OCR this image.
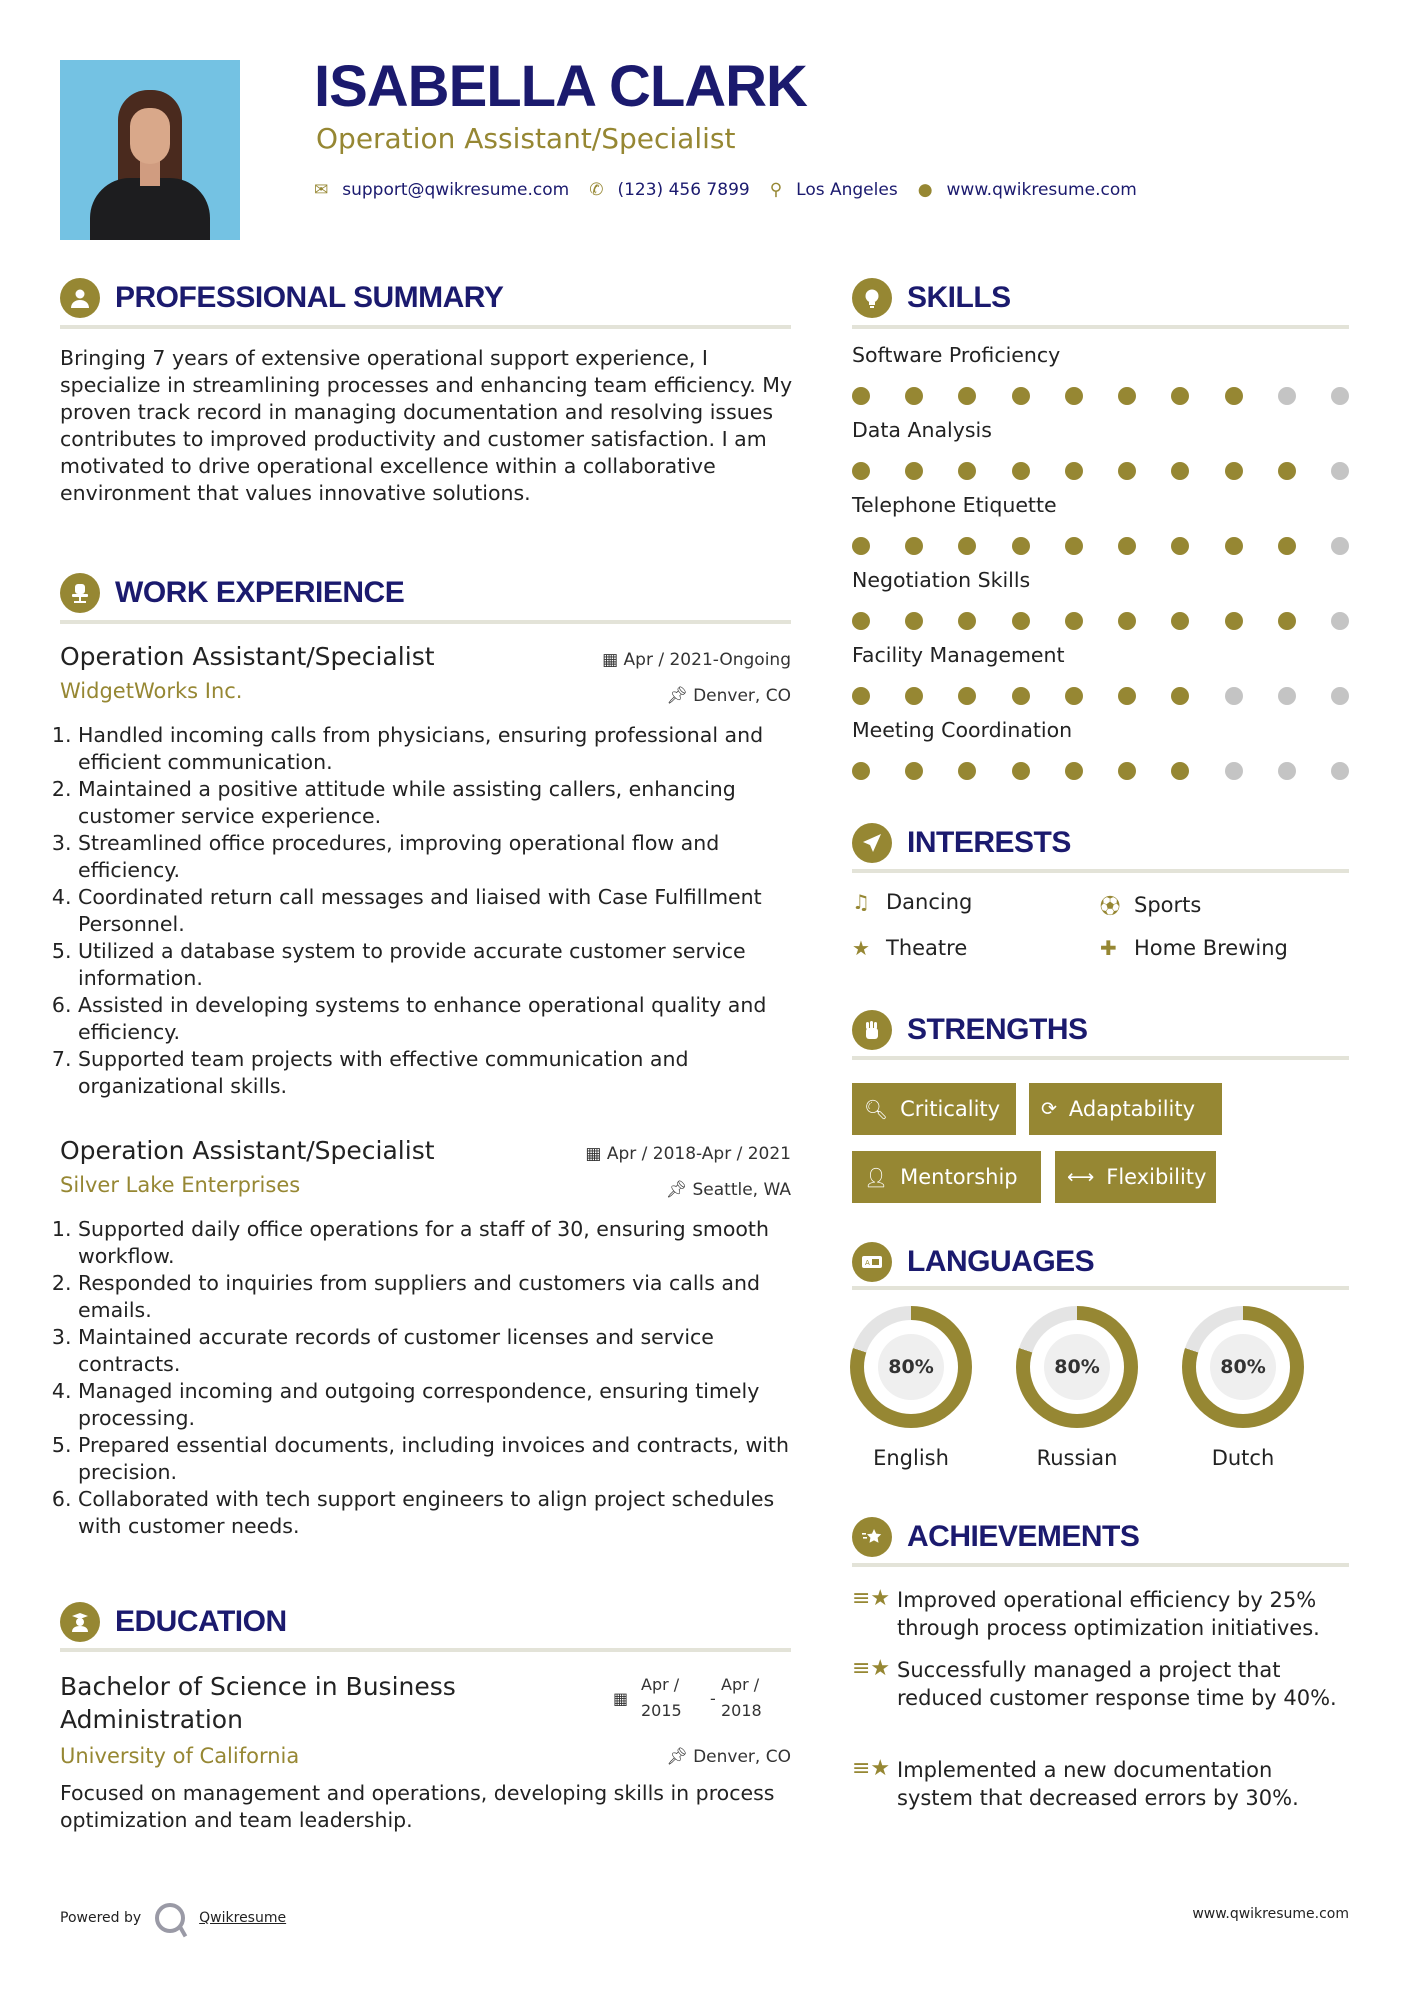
ISABELLA CLARK
Operation Assistant/Specialist
✉ support@qwikresume.com ✆ (123) 456 7899 ⚲ Los Angeles ● www.qwikresume.com
PROFESSIONAL SUMMARY
Bringing 7 years of extensive operational support experience, I specialize in streamlining processes and enhancing team efficiency. My proven track record in managing documentation and resolving issues contributes to improved productivity and customer satisfaction. I am motivated to drive operational excellence within a collaborative environment that values innovative solutions.
WORK EXPERIENCE
Operation Assistant/Specialist	▦ Apr / 2021-Ongoing
WidgetWorks Inc.	📌︎ Denver, CO
1. Handled incoming calls from physicians, ensuring professional and efficient communication.
2. Maintained a positive attitude while assisting callers, enhancing customer service experience.
3. Streamlined office procedures, improving operational flow and efficiency.
4. Coordinated return call messages and liaised with Case Fulfillment Personnel.
5. Utilized a database system to provide accurate customer service information.
6. Assisted in developing systems to enhance operational quality and efficiency.
7. Supported team projects with effective communication and organizational skills.
Operation Assistant/Specialist	▦ Apr / 2018-Apr / 2021
Silver Lake Enterprises	📌︎ Seattle, WA
1. Supported daily office operations for a staff of 30, ensuring smooth workflow.
2. Responded to inquiries from suppliers and customers via calls and emails.
3. Maintained accurate records of customer licenses and service contracts.
4. Managed incoming and outgoing correspondence, ensuring timely processing.
5. Prepared essential documents, including invoices and contracts, with precision.
6. Collaborated with tech support engineers to align project schedules with customer needs.
EDUCATION
Bachelor of Science in Business Administration
▦
Apr / 2015
-
Apr / 2018
University of California	📌︎ Denver, CO
Focused on management and operations, developing skills in process optimization and team leadership.
SKILLS
Software Proficiency
Data Analysis
Telephone Etiquette
Negotiation Skills
Facility Management
Meeting Coordination
INTERESTS
♫ Dancing	⚽︎ Sports
★ Theatre	✚ Home Brewing
STRENGTHS
🔍︎ Criticality ⟳ Adaptability
👤︎ Mentorship	⟷ Flexibility
A LANGUAGES
80%
English
80%
Russian
80%
Dutch
ACHIEVEMENTS
≡★ Improved operational efficiency by 25% through process optimization initiatives.
≡★ Successfully managed a project that reduced customer response time by 40%.
≡★ Implemented a new documentation system that decreased errors by 30%.
Powered by	Qwikresume	www.qwikresume.com
